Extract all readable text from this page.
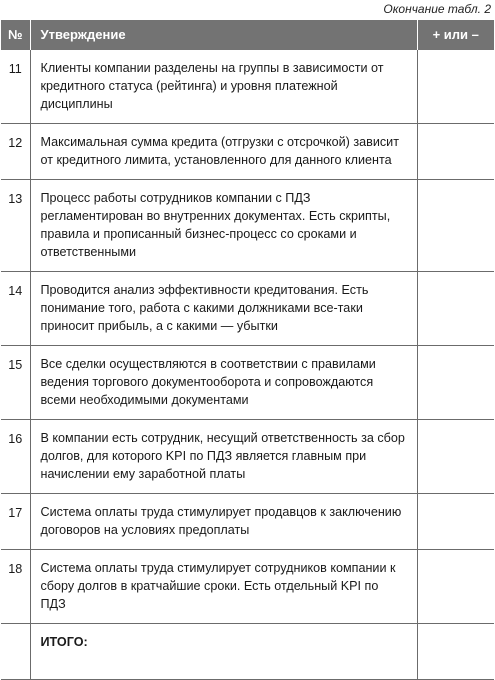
Окончание табл. 2
№	Утверждение	+ или –
11	Клиенты компании разделены на группы в зависимости от кредитного статуса (рейтинга) и уровня платежной дисциплины	
12	Максимальная сумма кредита (отгрузки с отсрочкой) зависит от кредитного лимита, установленного для данного клиента	
13	Процесс работы сотрудников компании с ПДЗ регламентирован во внутренних документах. Есть скрипты, правила и прописанный бизнес-процесс со сроками и ответственными	
14	Проводится анализ эффективности кредитования. Есть понимание того, работа с какими должниками все-таки приносит прибыль, а с какими — убытки	
15	Все сделки осуществляются в соответствии с правилами ведения торгового документооборота и сопровождаются всеми необходимыми документами	
16	В компании есть сотрудник, несущий ответственность за сбор долгов, для которого KPI по ПДЗ является главным при начислении ему заработной платы	
17	Система оплаты труда стимулирует продавцов к заключению договоров на условиях предоплаты	
18	Система оплаты труда стимулирует сотрудников компании к сбору долгов в кратчайшие сроки. Есть отдельный KPI по ПДЗ	
	ИТОГО:	
